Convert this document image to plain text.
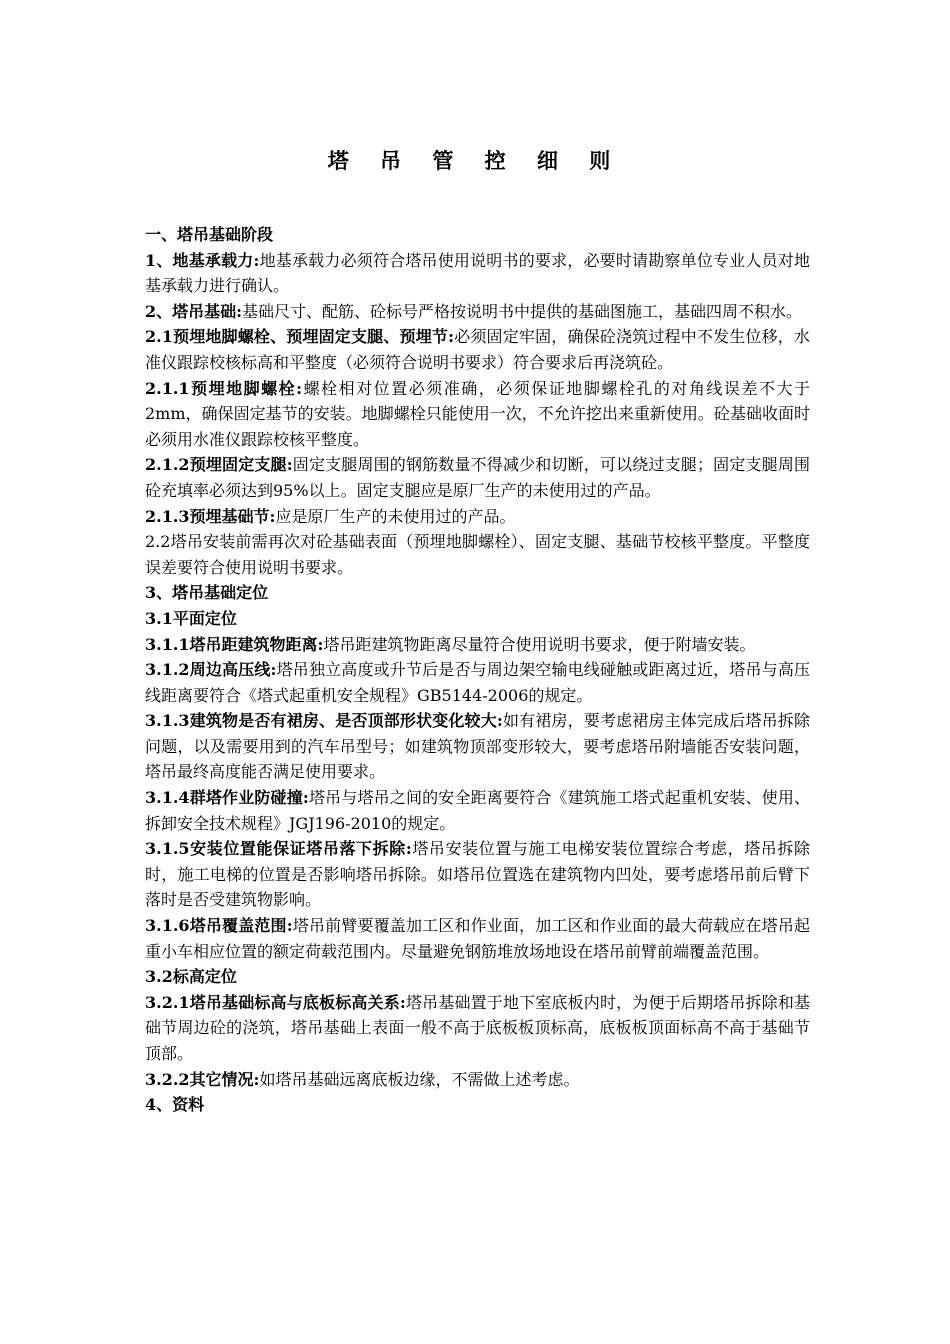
塔 吊 管 控 细 则

一、塔吊基础阶段

1、地基承载力:地基承载力必须符合塔吊使用说明书的要求，必要时请勘察单位专业人员对地基承载力进行确认。

2、塔吊基础:基础尺寸、配筋、砼标号严格按说明书中提供的基础图施工，基础四周不积水。

2.1预埋地脚螺栓、预埋固定支腿、预埋节:必须固定牢固，确保砼浇筑过程中不发生位移，水准仪跟踪校核标高和平整度（必须符合说明书要求）符合要求后再浇筑砼。

2.1.1预埋地脚螺栓:螺栓相对位置必须准确，必须保证地脚螺栓孔的对角线误差不大于2mm，确保固定基节的安装。地脚螺栓只能使用一次，不允许挖出来重新使用。砼基础收面时必须用水准仪跟踪校核平整度。

2.1.2预埋固定支腿:固定支腿周围的钢筋数量不得减少和切断，可以绕过支腿；固定支腿周围砼充填率必须达到95%以上。固定支腿应是原厂生产的未使用过的产品。

2.1.3预埋基础节:应是原厂生产的未使用过的产品。

2.2塔吊安装前需再次对砼基础表面（预埋地脚螺栓）、固定支腿、基础节校核平整度。平整度误差要符合使用说明书要求。

3、塔吊基础定位

3.1平面定位

3.1.1塔吊距建筑物距离:塔吊距建筑物距离尽量符合使用说明书要求，便于附墙安装。

3.1.2周边高压线:塔吊独立高度或升节后是否与周边架空输电线碰触或距离过近，塔吊与高压线距离要符合《塔式起重机安全规程》GB5144-2006的规定。

3.1.3建筑物是否有裙房、是否顶部形状变化较大:如有裙房，要考虑裙房主体完成后塔吊拆除问题，以及需要用到的汽车吊型号；如建筑物顶部变形较大，要考虑塔吊附墙能否安装问题，塔吊最终高度能否满足使用要求。

3.1.4群塔作业防碰撞:塔吊与塔吊之间的安全距离要符合《建筑施工塔式起重机安装、使用、拆卸安全技术规程》JGJ196-2010的规定。

3.1.5安装位置能保证塔吊落下拆除:塔吊安装位置与施工电梯安装位置综合考虑，塔吊拆除时，施工电梯的位置是否影响塔吊拆除。如塔吊位置选在建筑物内凹处，要考虑塔吊前后臂下落时是否受建筑物影响。

3.1.6塔吊覆盖范围:塔吊前臂要覆盖加工区和作业面，加工区和作业面的最大荷载应在塔吊起重小车相应位置的额定荷载范围内。尽量避免钢筋堆放场地设在塔吊前臂前端覆盖范围。

3.2标高定位

3.2.1塔吊基础标高与底板标高关系:塔吊基础置于地下室底板内时，为便于后期塔吊拆除和基础节周边砼的浇筑，塔吊基础上表面一般不高于底板板顶标高，底板板顶面标高不高于基础节顶部。

3.2.2其它情况:如塔吊基础远离底板边缘，不需做上述考虑。

4、资料
